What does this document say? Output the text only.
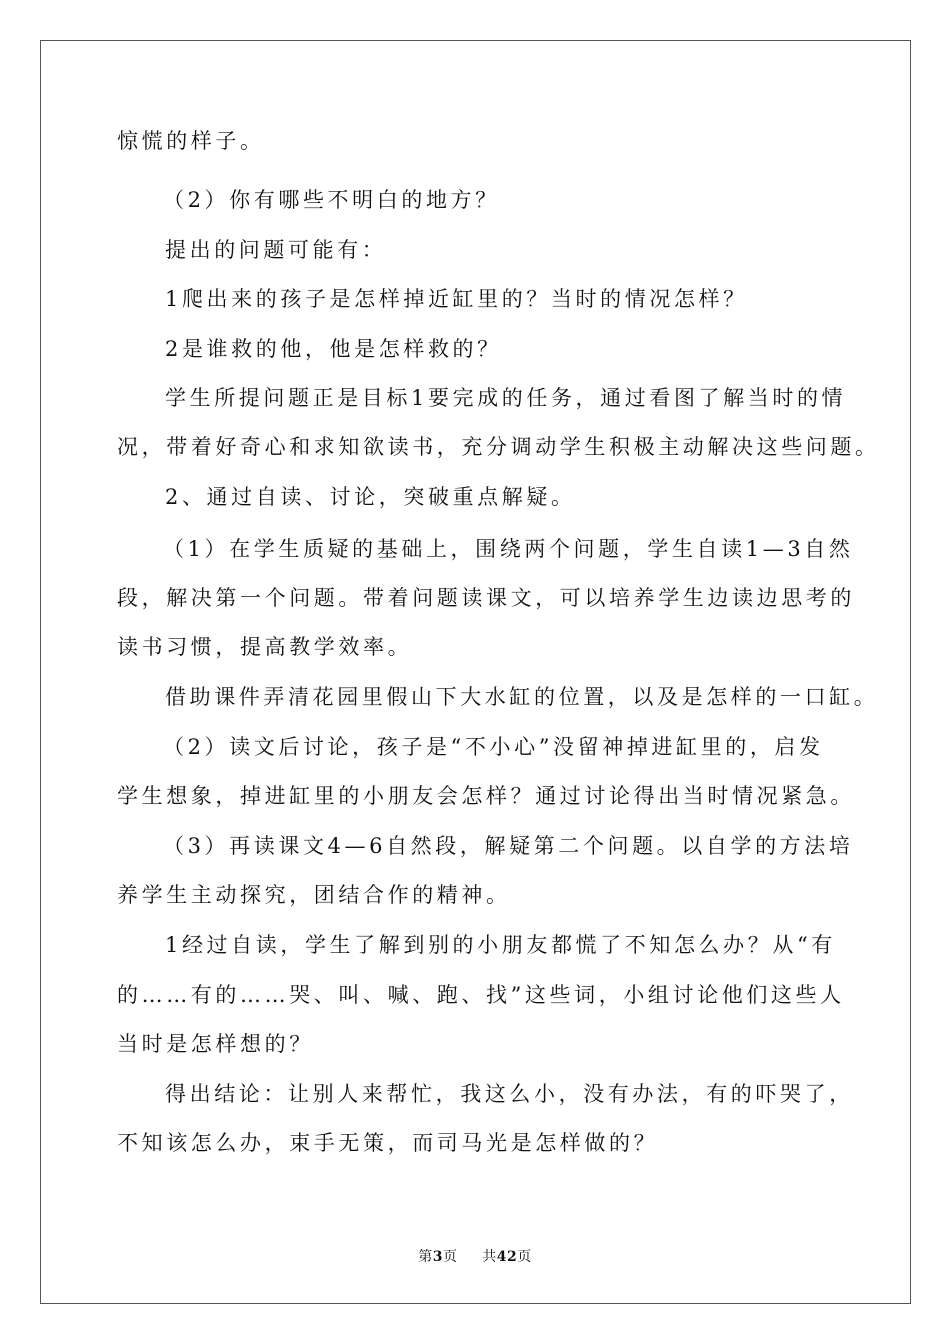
惊慌的样子。
（2）你有哪些不明白的地方？
提出的问题可能有：
1爬出来的孩子是怎样掉近缸里的？当时的情况怎样？
2是谁救的他，他是怎样救的？
学生所提问题正是目标1要完成的任务，通过看图了解当时的情
况，带着好奇心和求知欲读书，充分调动学生积极主动解决这些问题。
2、通过自读、讨论，突破重点解疑。
（1）在学生质疑的基础上，围绕两个问题，学生自读1—3自然
段，解决第一个问题。带着问题读课文，可以培养学生边读边思考的
读书习惯，提高教学效率。
借助课件弄清花园里假山下大水缸的位置，以及是怎样的一口缸。
（2）读文后讨论，孩子是“不小心”没留神掉进缸里的，启发
学生想象，掉进缸里的小朋友会怎样？通过讨论得出当时情况紧急。
（3）再读课文4—6自然段，解疑第二个问题。以自学的方法培
养学生主动探究，团结合作的精神。
1经过自读，学生了解到别的小朋友都慌了不知怎么办？从“有
的……有的……哭、叫、喊、跑、找”这些词，小组讨论他们这些人
当时是怎样想的？
得出结论：让别人来帮忙，我这么小，没有办法，有的吓哭了，
不知该怎么办，束手无策，而司马光是怎样做的？
第3页 共42页
